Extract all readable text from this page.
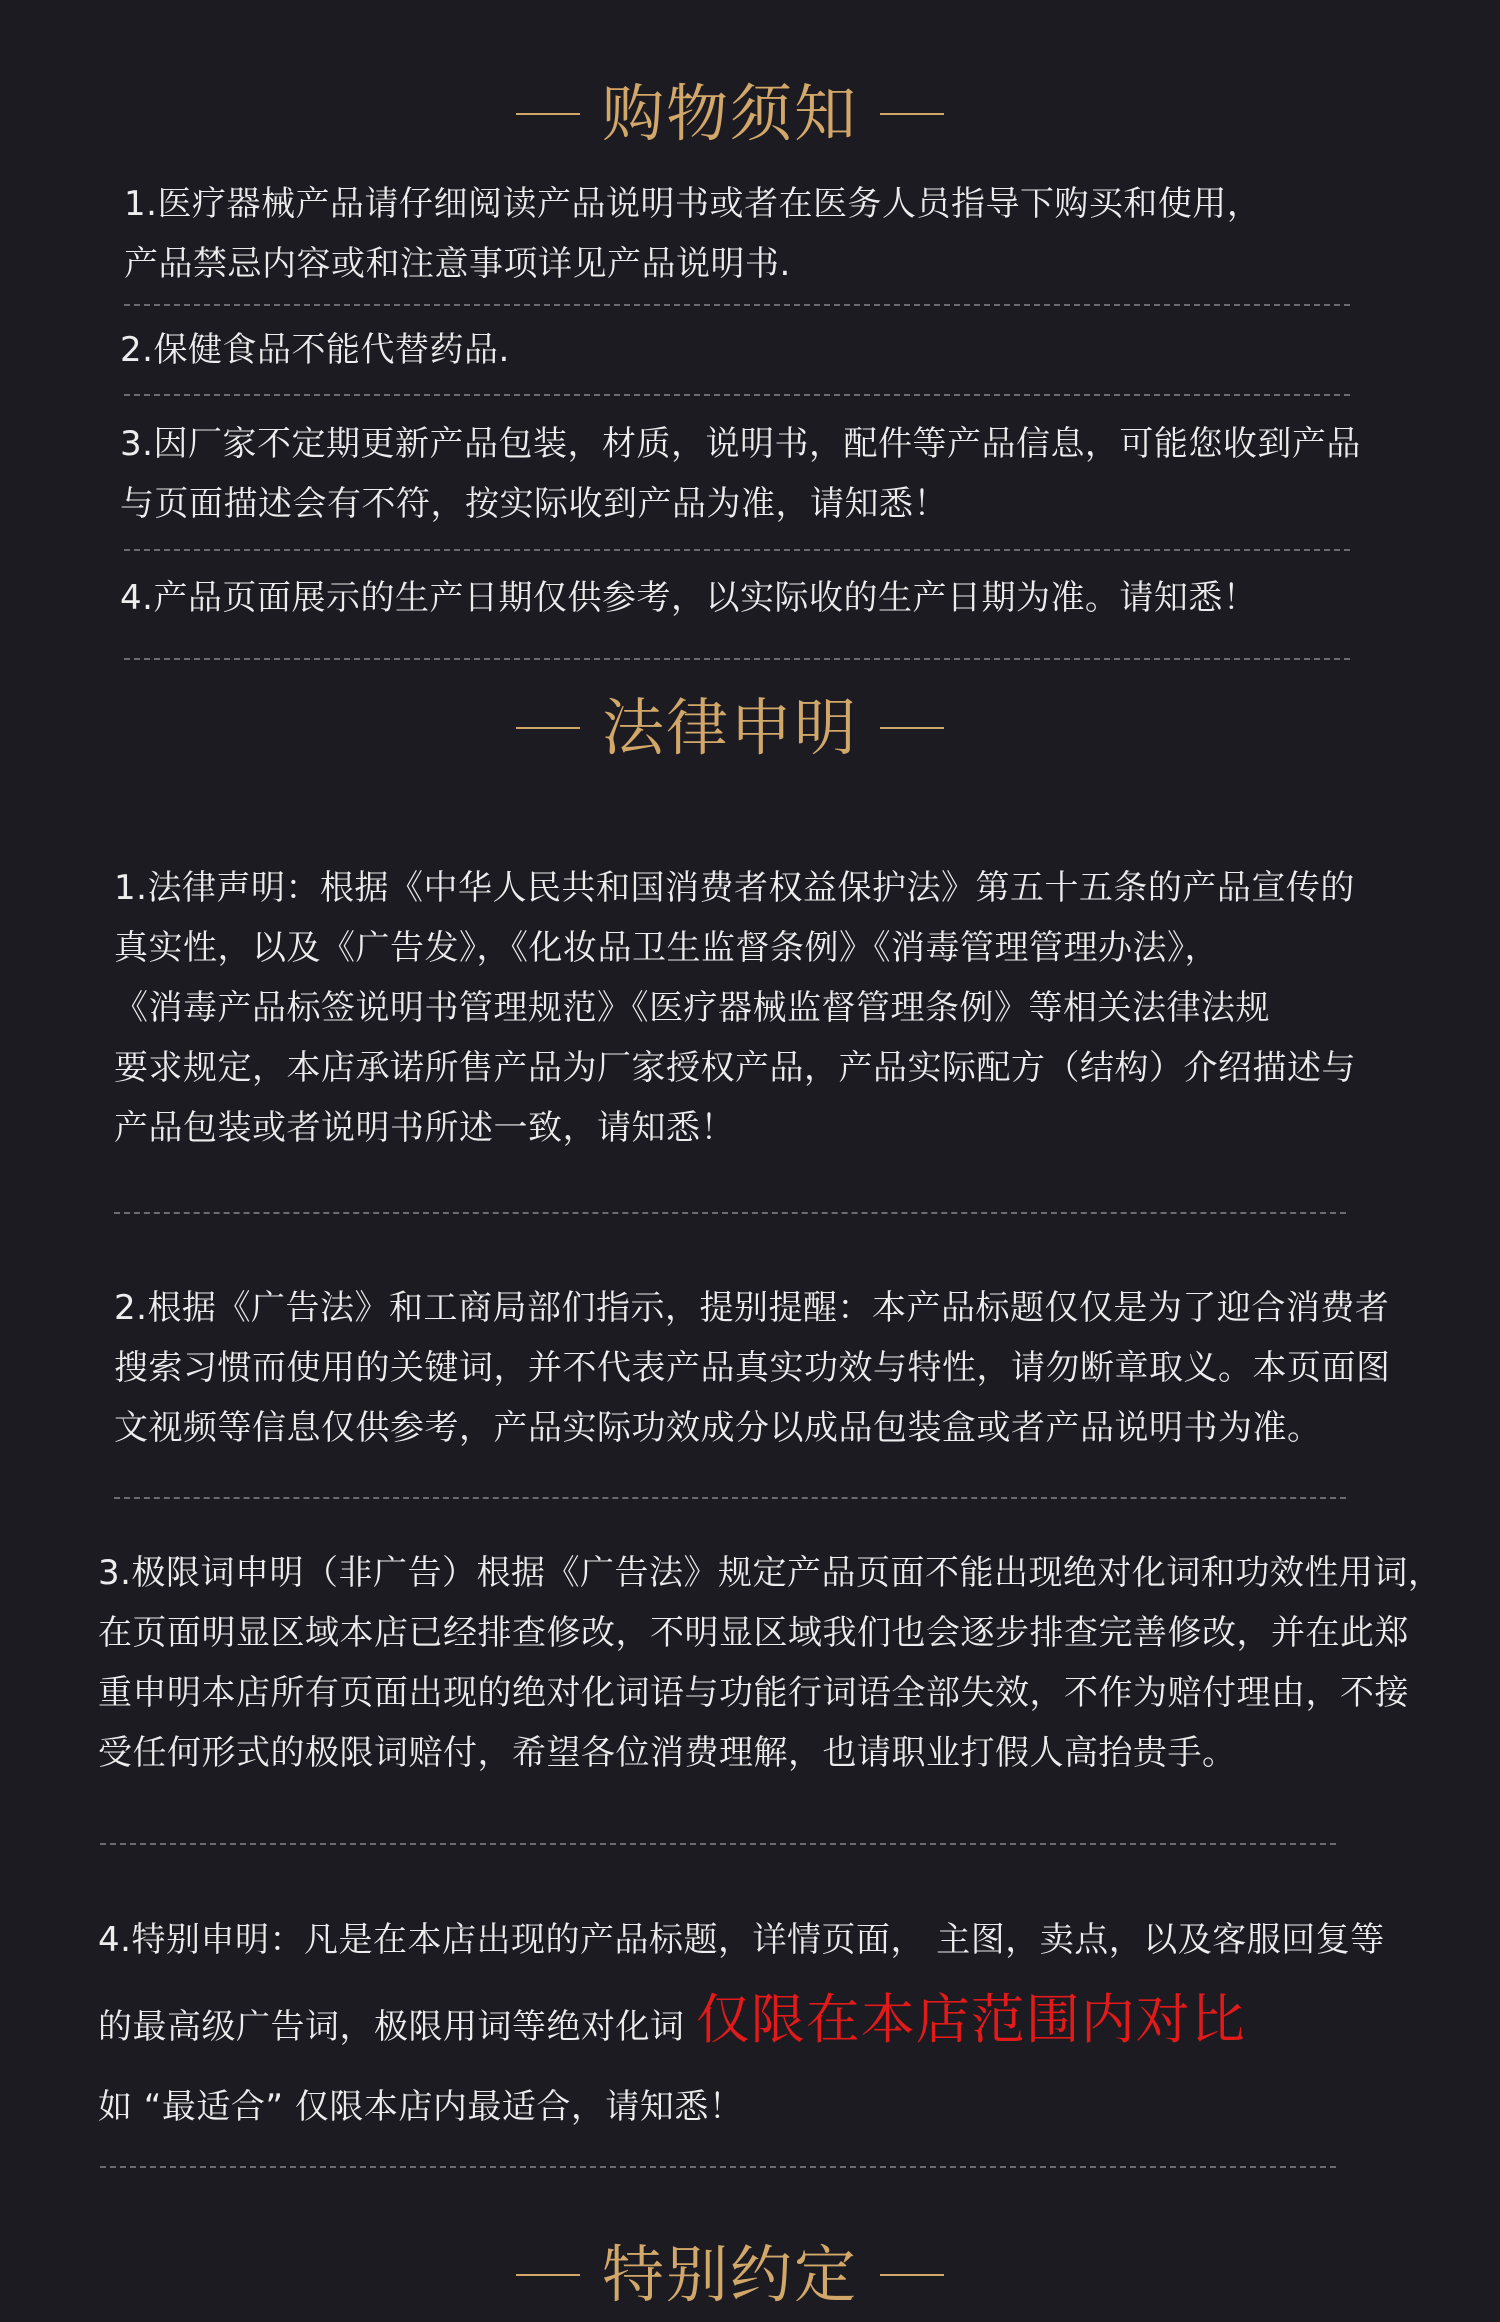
购物须知
1.医疗器械产品请仔细阅读产品说明书或者在医务人员指导下购买和使用，
产品禁忌内容或和注意事项详见产品说明书.
2.保健食品不能代替药品.
3.因厂家不定期更新产品包装，材质，说明书，配件等产品信息，可能您收到产品
与页面描述会有不符，按实际收到产品为准，请知悉！
4.产品页面展示的生产日期仅供参考，以实际收的生产日期为准。请知悉！
法律申明
1.法律声明：根据《中华人民共和国消费者权益保护法》第五十五条的产品宣传的
真实性，以及《广告发》，《化妆品卫生监督条例》《消毒管理管理办法》，
《消毒产品标签说明书管理规范》《医疗器械监督管理条例》等相关法律法规
要求规定，本店承诺所售产品为厂家授权产品，产品实际配方（结构）介绍描述与
产品包装或者说明书所述一致，请知悉！
2.根据《广告法》和工商局部们指示，提别提醒：本产品标题仅仅是为了迎合消费者
搜索习惯而使用的关键词，并不代表产品真实功效与特性，请勿断章取义。本页面图
文视频等信息仅供参考，产品实际功效成分以成品包装盒或者产品说明书为准。
3.极限词申明（非广告）根据《广告法》规定产品页面不能出现绝对化词和功效性用词，
在页面明显区域本店已经排查修改，不明显区域我们也会逐步排查完善修改，并在此郑
重申明本店所有页面出现的绝对化词语与功能行词语全部失效，不作为赔付理由，不接
受任何形式的极限词赔付，希望各位消费理解，也请职业打假人高抬贵手。
4.特别申明：凡是在本店出现的产品标题，详情页面， 主图，卖点，以及客服回复等
的最高级广告词，极限用词等绝对化词 仅限在本店范围内对比
如 “最适合” 仅限本店内最适合，请知悉！
特别约定
